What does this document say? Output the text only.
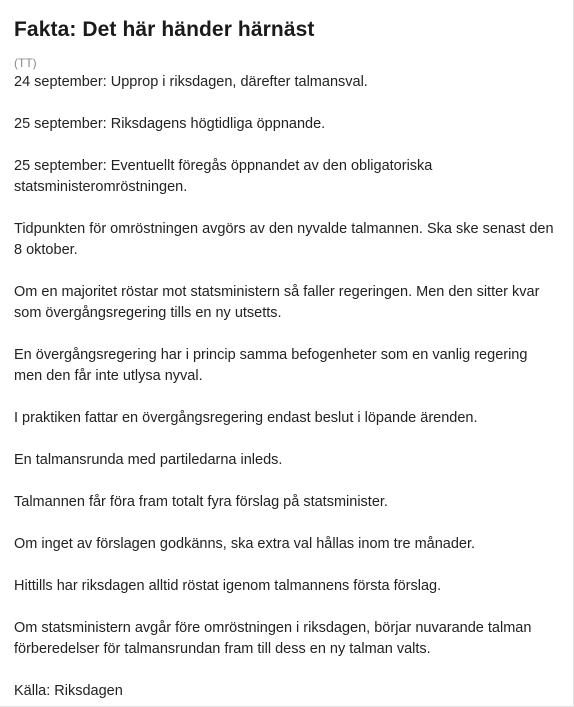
Fakta: Det här händer härnäst
(TT)

24 september: Upprop i riksdagen, därefter talmansval.

25 september: Riksdagens högtidliga öppnande.

25 september: Eventuellt föregås öppnandet av den obligatoriska statsministeromröstningen.

Tidpunkten för omröstningen avgörs av den nyvalde talmannen. Ska ske senast den 8 oktober.

Om en majoritet röstar mot statsministern så faller regeringen. Men den sitter kvar som övergångsregering tills en ny utsetts.

En övergångsregering har i princip samma befogenheter som en vanlig regering men den får inte utlysa nyval.

I praktiken fattar en övergångsregering endast beslut i löpande ärenden.

En talmansrunda med partiledarna inleds.

Talmannen får föra fram totalt fyra förslag på statsminister.

Om inget av förslagen godkänns, ska extra val hållas inom tre månader.

Hittills har riksdagen alltid röstat igenom talmannens första förslag.

Om statsministern avgår före omröstningen i riksdagen, börjar nuvarande talman förberedelser för talmansrundan fram till dess en ny talman valts.

Källa: Riksdagen
